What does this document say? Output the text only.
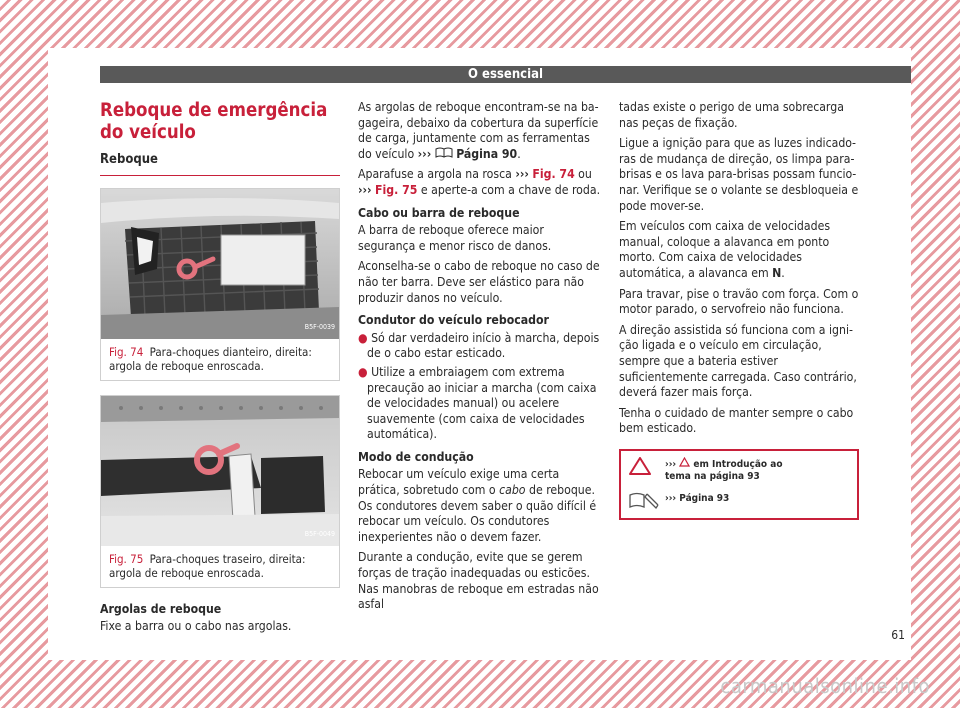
O essencial
Reboque de emergência do veículo
Reboque
B5F-0039
Fig. 74 Para-choques dianteiro, direita: argola de reboque enroscada.
B5F-0049
Fig. 75 Para-choques traseiro, direita: argola de reboque enroscada.
Argolas de reboque

Fixe a barra ou o cabo nas argolas.

As argolas de reboque encontram-se na bagageira, debaixo da cobertura da superfície de carga, juntamente com as ferramentas do veículo ››› Página 90.

Aparafuse a argola na rosca ››› Fig. 74 ou ››› Fig. 75 e aperte-a com a chave de roda.

Cabo ou barra de reboque

A barra de reboque oferece maior segurança e menor risco de danos.

Aconselha-se o cabo de reboque no caso de não ter barra. Deve ser elástico para não produzir danos no veículo.

Condutor do veículo rebocador

● Só dar verdadeiro início à marcha, depois de o cabo estar esticado.

● Utilize a embraiagem com extrema precaução ao iniciar a marcha (com caixa de velocidades manual) ou acelere suavemente (com caixa de velocidades automática).

Modo de condução

Rebocar um veículo exige uma certa prática, sobretudo com o cabo de reboque. Os condutores devem saber o quão difícil é rebocar um veículo. Os condutores inexperientes não o devem fazer.

Durante a condução, evite que se gerem forças de tração inadequadas ou esticões. Nas manobras de reboque em estradas não asfal

tadas existe o perigo de uma sobrecarga nas peças de fixação.

Ligue a ignição para que as luzes indicadoras de mudança de direção, os limpa para-brisas e os lava para-brisas possam funcionar. Verifique se o volante se desbloqueia e pode mover-se.

Em veículos com caixa de velocidades manual, coloque a alavanca em ponto morto. Com caixa de velocidades automática, a alavanca em N.

Para travar, pise o travão com força. Com o motor parado, o servofreio não funciona.

A direção assistida só funciona com a ignição ligada e o veículo em circulação, sempre que a bateria estiver suficientemente carregada. Caso contrário, deverá fazer mais força.

Tenha o cuidado de manter sempre o cabo bem esticado.

››› em Introdução ao tema na página 93
››› Página 93
61
carmanualsonline.info
